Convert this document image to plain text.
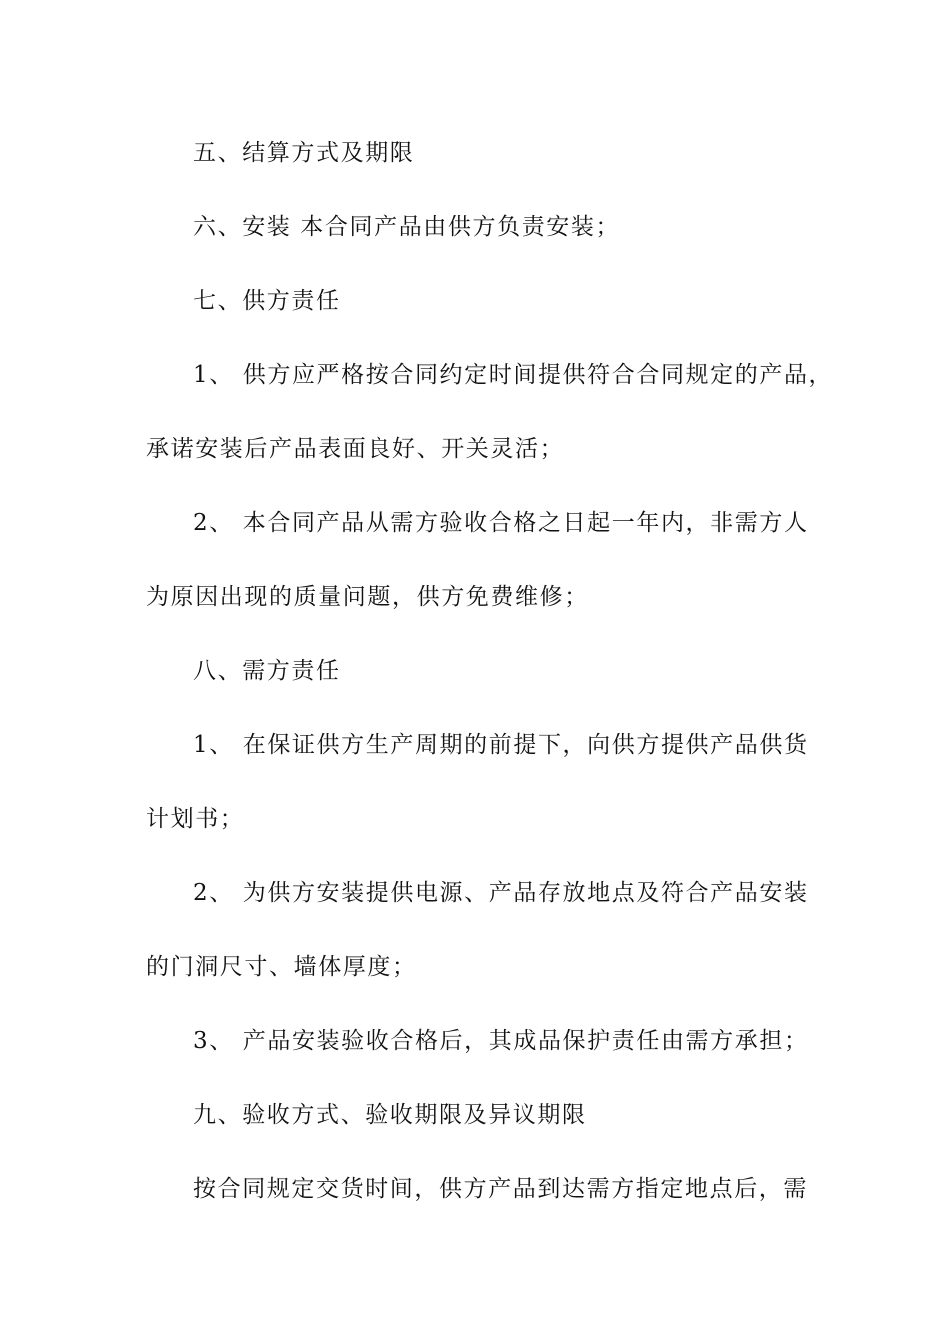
五、结算方式及期限
六、安装 本合同产品由供方负责安装；
七、供方责任
1、 供方应严格按合同约定时间提供符合合同规定的产品，
承诺安装后产品表面良好、开关灵活；
2、 本合同产品从需方验收合格之日起一年内，非需方人
为原因出现的质量问题，供方免费维修；
八、需方责任
1、 在保证供方生产周期的前提下，向供方提供产品供货
计划书；
2、 为供方安装提供电源、产品存放地点及符合产品安装
的门洞尺寸、墙体厚度；
3、 产品安装验收合格后，其成品保护责任由需方承担；
九、验收方式、验收期限及异议期限
按合同规定交货时间，供方产品到达需方指定地点后，需
